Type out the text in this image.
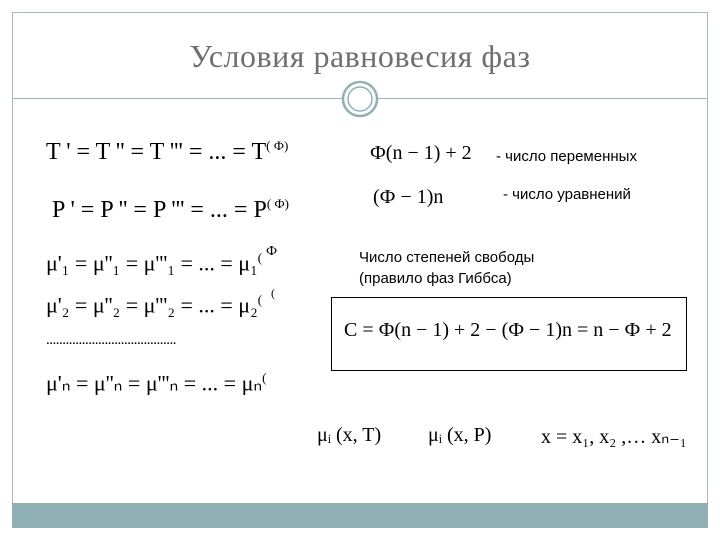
Условия равновесия фаз
T ' = T '' = T ''' = ... = $T^{( Ф)}$
P ' = P '' = P ''' = ... = $P^{( Ф)}$
μ'₁ = μ''₁ = μ'''₁ = ... = μ₁( Ф
μ'₂ = μ''₂ = μ'''₂ = ... = μ₂( (
........................................
μ'ₙ = μ''ₙ = μ'''ₙ = ... = μₙ(
Ф(n − 1) + 2 - число переменных
(Ф − 1)n	- число уравнений
Число степеней свободы
(правило фаз Гиббса)
C = Ф(n − 1) + 2 − (Ф − 1)n = n − Ф + 2
μᵢ (x, T) μᵢ (x, P) x = x₁, x₂ ,… xₙ₋₁
